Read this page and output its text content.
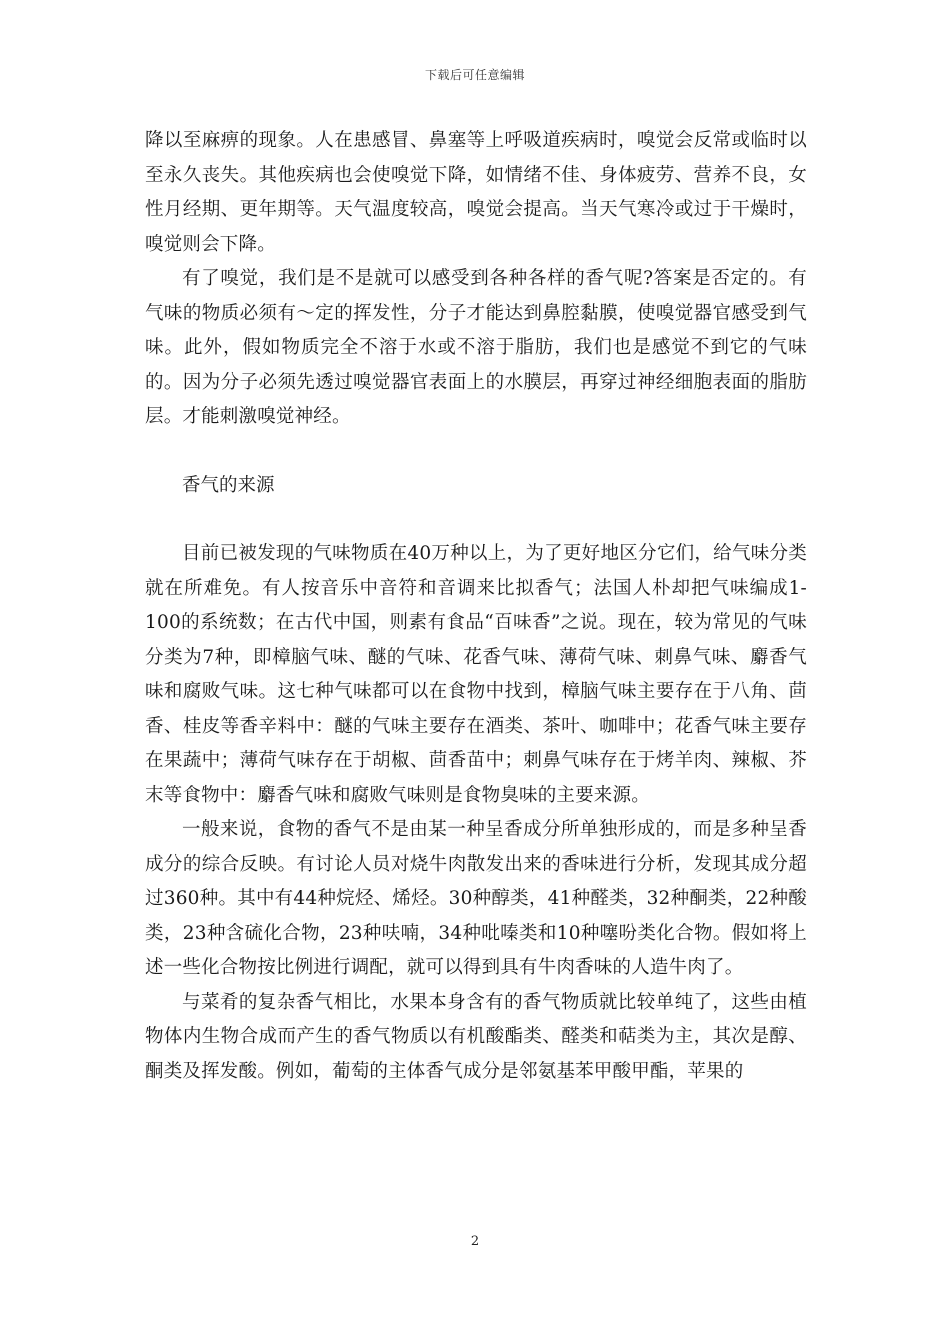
下载后可任意编辑

降以至麻痹的现象。人在患感冒、鼻塞等上呼吸道疾病时，嗅觉会反常或临时以至永久丧失。其他疾病也会使嗅觉下降，如情绪不佳、身体疲劳、营养不良，女性月经期、更年期等。天气温度较高，嗅觉会提高。当天气寒冷或过于干燥时，嗅觉则会下降。

有了嗅觉，我们是不是就可以感受到各种各样的香气呢?答案是否定的。有气味的物质必须有～定的挥发性，分子才能达到鼻腔黏膜，使嗅觉器官感受到气味。此外，假如物质完全不溶于水或不溶于脂肪，我们也是感觉不到它的气味的。因为分子必须先透过嗅觉器官表面上的水膜层，再穿过神经细胞表面的脂肪层。才能刺激嗅觉神经。

香气的来源

目前已被发现的气味物质在40万种以上，为了更好地区分它们，给气味分类就在所难免。有人按音乐中音符和音调来比拟香气；法国人朴却把气味编成1-100的系统数；在古代中国，则素有食品“百味香”之说。现在，较为常见的气味分类为7种，即樟脑气味、醚的气味、花香气味、薄荷气味、刺鼻气味、麝香气味和腐败气味。这七种气味都可以在食物中找到，樟脑气味主要存在于八角、茴香、桂皮等香辛料中：醚的气味主要存在酒类、茶叶、咖啡中；花香气味主要存在果蔬中；薄荷气味存在于胡椒、茴香苗中；刺鼻气味存在于烤羊肉、辣椒、芥末等食物中：麝香气味和腐败气味则是食物臭味的主要来源。

一般来说，食物的香气不是由某一种呈香成分所单独形成的，而是多种呈香成分的综合反映。有讨论人员对烧牛肉散发出来的香味进行分析，发现其成分超过360种。其中有44种烷烃、烯烃。30种醇类，41种醛类，32种酮类，22种酸类，23种含硫化合物，23种呋喃，34种吡嗪类和10种噻吩类化合物。假如将上述一些化合物按比例进行调配，就可以得到具有牛肉香味的人造牛肉了。

与菜肴的复杂香气相比，水果本身含有的香气物质就比较单纯了，这些由植物体内生物合成而产生的香气物质以有机酸酯类、醛类和萜类为主，其次是醇、酮类及挥发酸。例如，葡萄的主体香气成分是邻氨基苯甲酸甲酯，苹果的

2
